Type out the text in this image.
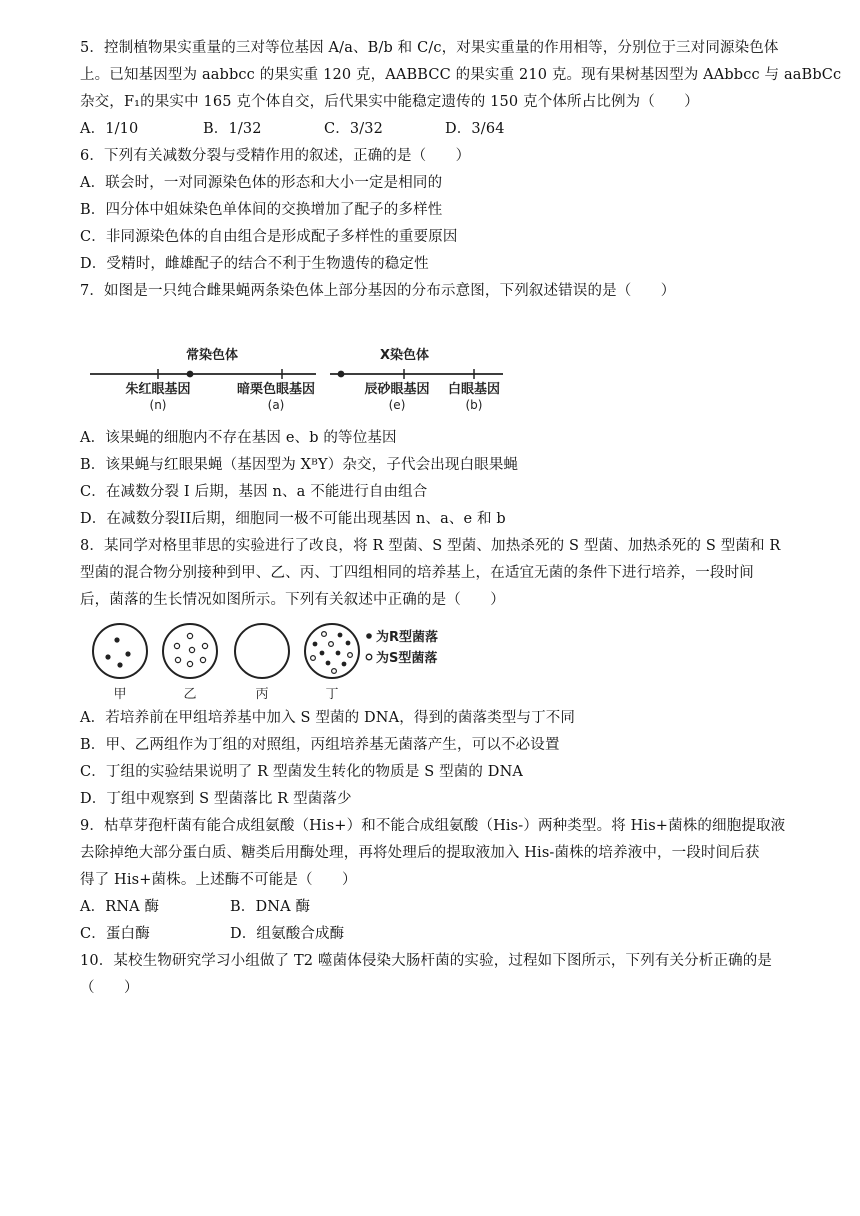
5．控制植物果实重量的三对等位基因 A/a、B/b 和 C/c，对果实重量的作用相等，分别位于三对同源染色体
上。已知基因型为 aabbcc 的果实重 120 克，AABBCC 的果实重 210 克。现有果树基因型为 AAbbcc 与 aaBbCc
杂交，F₁的果实中 165 克个体自交，后代果实中能稳定遗传的 150 克个体所占比例为（　　）
A．1/10	B．1/32	C．3/32	D．3/64
6．下列有关减数分裂与受精作用的叙述，正确的是（　　）
A．联会时，一对同源染色体的形态和大小一定是相同的
B．四分体中姐妹染色单体间的交换增加了配子的多样性
C．非同源染色体的自由组合是形成配子多样性的重要原因
D．受精时，雌雄配子的结合不利于生物遗传的稳定性
7．如图是一只纯合雌果蝇两条染色体上部分基因的分布示意图，下列叙述错误的是（　　）
常染色体	X染色体
朱红眼基因
(n)
暗栗色眼基因
(a)
辰砂眼基因
(e)
白眼基因
(b)
A．该果蝇的细胞内不存在基因 e、b 的等位基因
B．该果蝇与红眼果蝇（基因型为 XᴮY）杂交，子代会出现白眼果蝇
C．在减数分裂 I 后期，基因 n、a 不能进行自由组合
D．在减数分裂II后期，细胞同一极不可能出现基因 n、a、e 和 b
8．某同学对格里菲思的实验进行了改良，将 R 型菌、S 型菌、加热杀死的 S 型菌、加热杀死的 S 型菌和 R
型菌的混合物分别接种到甲、乙、丙、丁四组相同的培养基上，在适宜无菌的条件下进行培养，一段时间
后，菌落的生长情况如图所示。下列有关叙述中正确的是（　　）
为R型菌落
为S型菌落
甲	乙	丙	丁
A．若培养前在甲组培养基中加入 S 型菌的 DNA，得到的菌落类型与丁不同
B．甲、乙两组作为丁组的对照组，丙组培养基无菌落产生，可以不必设置
C．丁组的实验结果说明了 R 型菌发生转化的物质是 S 型菌的 DNA
D．丁组中观察到 S 型菌落比 R 型菌落少
9．枯草芽孢杆菌有能合成组氨酸（His+）和不能合成组氨酸（His-）两种类型。将 His+菌株的细胞提取液
去除掉绝大部分蛋白质、糖类后用酶处理，再将处理后的提取液加入 His-菌株的培养液中，一段时间后获
得了 His+菌株。上述酶不可能是（　　）
A．RNA 酶	B．DNA 酶
C．蛋白酶	D．组氨酸合成酶
10．某校生物研究学习小组做了 T2 噬菌体侵染大肠杆菌的实验，过程如下图所示，下列有关分析正确的是
（　　）
